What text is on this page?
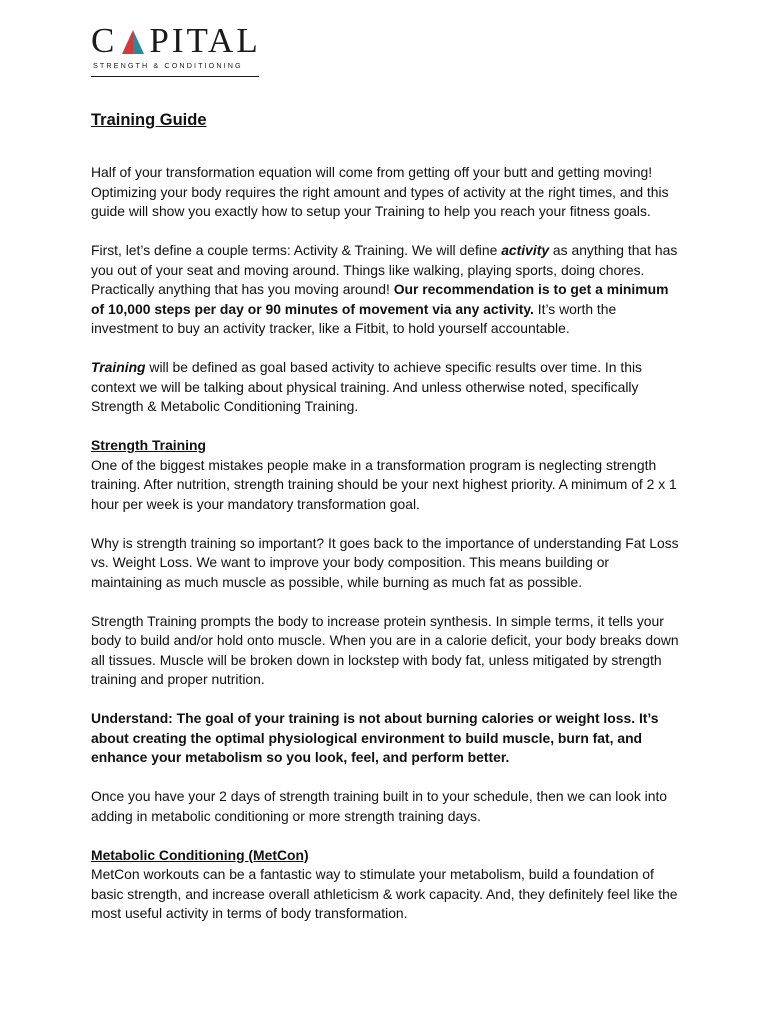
C PITAL
STRENGTH & CONDITIONING
Training Guide

Half of your transformation equation will come from getting off your butt and getting moving! Optimizing your body requires the right amount and types of activity at the right times, and this guide will show you exactly how to setup your Training to help you reach your fitness goals.

First, let’s define a couple terms: Activity & Training. We will define activity as anything that has you out of your seat and moving around. Things like walking, playing sports, doing chores. Practically anything that has you moving around! Our recommendation is to get a minimum of 10,000 steps per day or 90 minutes of movement via any activity. It’s worth the investment to buy an activity tracker, like a Fitbit, to hold yourself accountable.

Training will be defined as goal based activity to achieve specific results over time. In this context we will be talking about physical training. And unless otherwise noted, specifically Strength & Metabolic Conditioning Training.

Strength Training
One of the biggest mistakes people make in a transformation program is neglecting strength training. After nutrition, strength training should be your next highest priority. A minimum of 2 x 1 hour per week is your mandatory transformation goal.

Why is strength training so important? It goes back to the importance of understanding Fat Loss vs. Weight Loss. We want to improve your body composition. This means building or maintaining as much muscle as possible, while burning as much fat as possible.

Strength Training prompts the body to increase protein synthesis. In simple terms, it tells your body to build and/or hold onto muscle. When you are in a calorie deficit, your body breaks down all tissues. Muscle will be broken down in lockstep with body fat, unless mitigated by strength training and proper nutrition.

Understand: The goal of your training is not about burning calories or weight loss. It’s about creating the optimal physiological environment to build muscle, burn fat, and enhance your metabolism so you look, feel, and perform better.

Once you have your 2 days of strength training built in to your schedule, then we can look into adding in metabolic conditioning or more strength training days.

Metabolic Conditioning (MetCon)
MetCon workouts can be a fantastic way to stimulate your metabolism, build a foundation of basic strength, and increase overall athleticism & work capacity. And, they definitely feel like the most useful activity in terms of body transformation.
